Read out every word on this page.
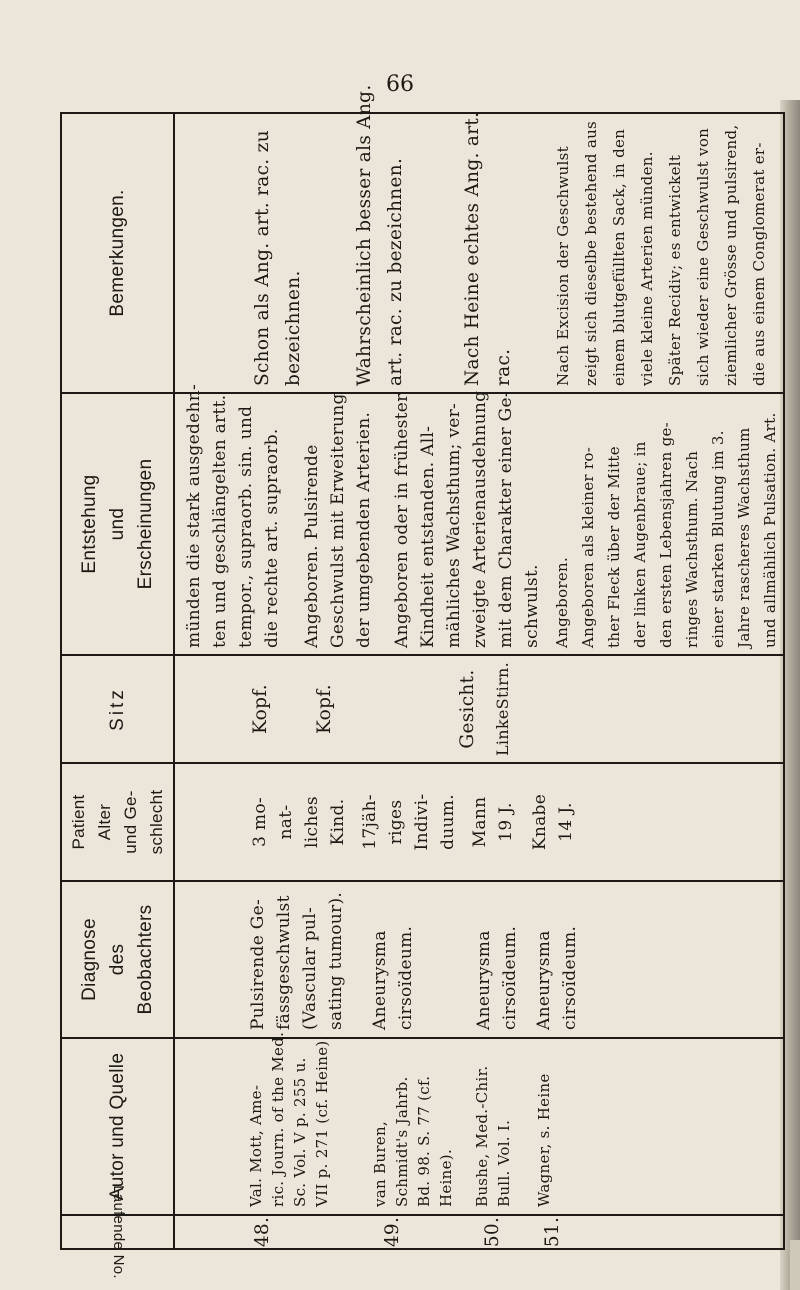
66
Bemerkungen.
Entstehung und Erscheinungen
Sitz
Patient Alter und Ge- schlecht
Diagnose des Beobachters
Autor und Quelle
Laufende No.
Schon als Ang. art. rac. zu bezeichnen.
münden die stark ausgedehn- ten und geschlängelten artt. tempor., supraorb. sin. und die rechte art. supraorb.
Kopf.
3 mo- nat- liches Kind.
Pulsirende Ge- fässgeschwulst (Vascular pul- sating tumour).
Val. Mott, Ame- ric. Journ. of the Med. Sc. Vol. V p. 255 u. VII p. 271 (cf. Heine).
48.
Wahrscheinlich besser als Ang. art. rac. zu bezeichnen.
Angeboren. Pulsirende Geschwulst mit Erweiterung der umgebenden Arterien.
Kopf.
17jäh- riges Indivi- duum.
Aneurysma cirsoïdeum.
van Buren, Schmidt's Jahrb. Bd. 98. S. 77 (cf. Heine).
49.
Nach Heine echtes Ang. art. rac.
Angeboren oder in frühester Kindheit entstanden. All- mähliches Wachsthum; ver- zweigte Arterienausdehnung mit dem Charakter einer Ge- schwulst.
Gesicht.
Mann 19 J.
Aneurysma cirsoïdeum.
Bushe, Med.-Chir. Bull. Vol. I.
50.
Nach Excision der Geschwulst zeigt sich dieselbe bestehend aus einem blutgefüllten Sack, in den viele kleine Arterien münden. Später Recidiv; es entwickelt sich wieder eine Geschwulst von ziemlicher Grösse und pulsirend, die aus einem Conglomerat er-
Angeboren. Angeboren als kleiner ro- ther Fleck über der Mitte der linken Augenbraue; in den ersten Lebensjahren ge- ringes Wachsthum. Nach einer starken Blutung im 3. Jahre rascheres Wachsthum und allmählich Pulsation. Art.
LinkeStirn.
Knabe 14 J.
Aneurysma cirsoïdeum.
Wagner, s. Heine
51.
